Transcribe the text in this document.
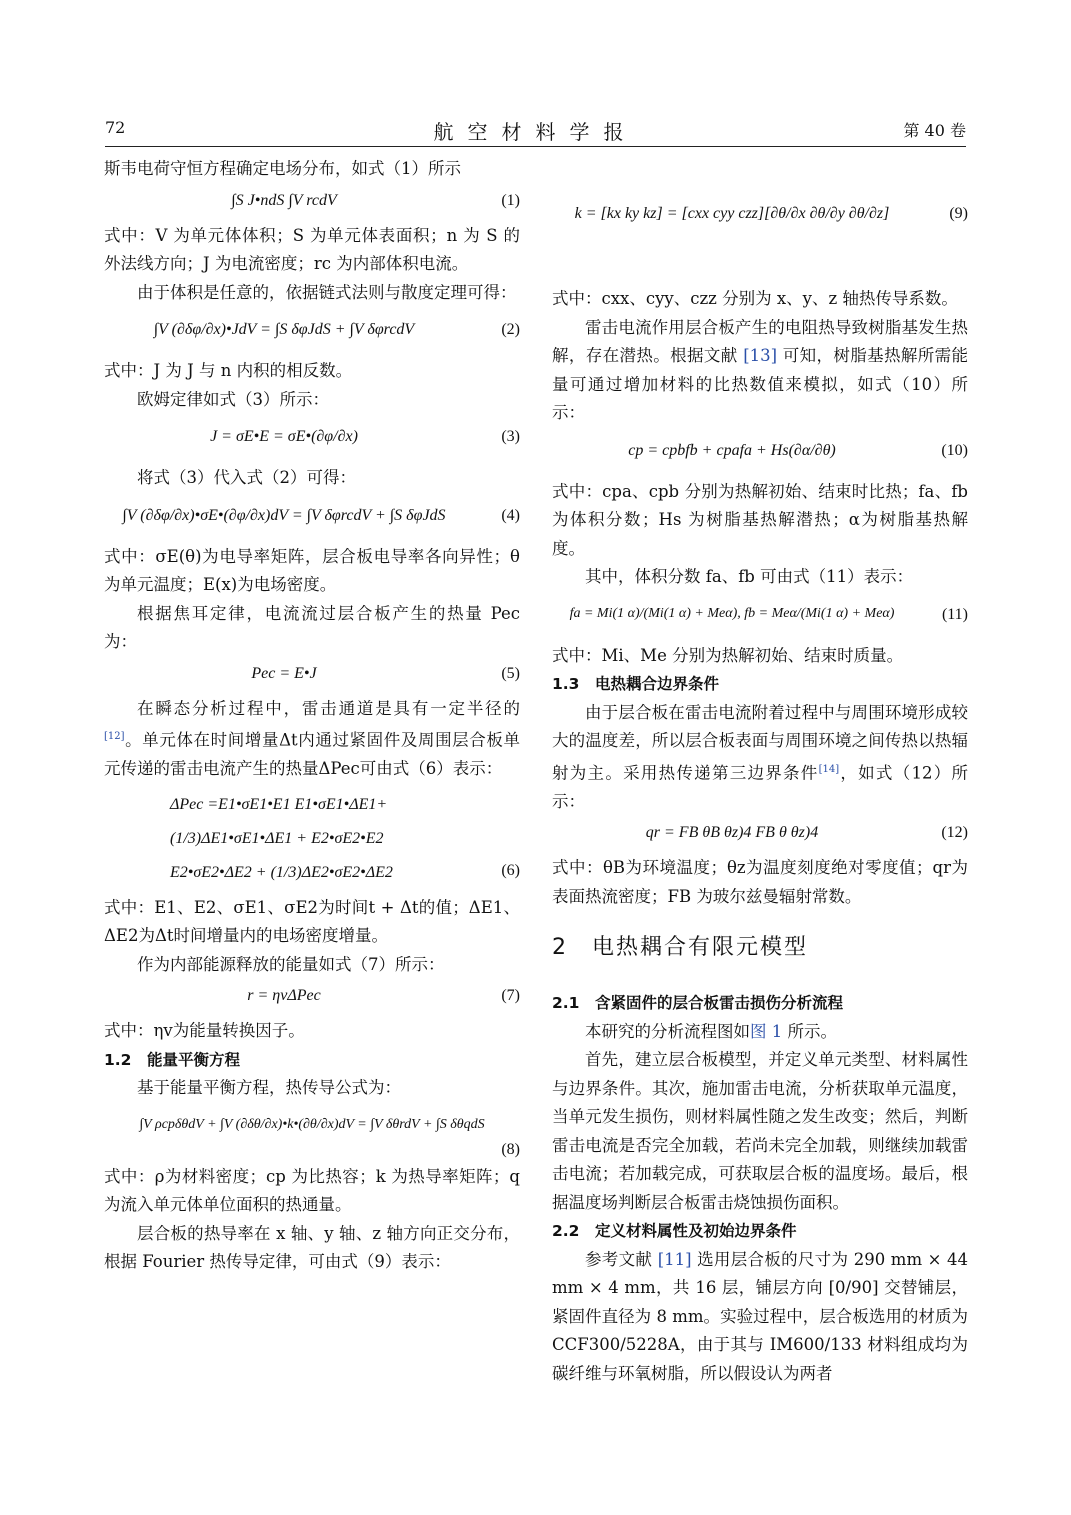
72	航空材料学报	第 40 卷

斯韦电荷守恒方程确定电场分布，如式（1）所示

∫S J•ndS ∫V rcdV	(1)

式中：V 为单元体体积；S 为单元体表面积；n 为 S 的外法线方向；J 为电流密度；rc 为内部体积电流。

由于体积是任意的，依据链式法则与散度定理可得：

∫V (∂δφ/∂x)•JdV = ∫S δφJdS + ∫V δφrcdV	(2)

式中：J 为 J 与 n 内积的相反数。

欧姆定律如式（3）所示：

J = σE•E = σE•(∂φ/∂x)	(3)

将式（3）代入式（2）可得：

∫V (∂δφ/∂x)•σE•(∂φ/∂x)dV = ∫V δφrcdV + ∫S δφJdS	(4)

式中：σE(θ)为电导率矩阵，层合板电导率各向异性；θ为单元温度；E(x)为电场密度。

根据焦耳定律，电流流过层合板产生的热量 Pec 为：

Pec = E•J	(5)

在瞬态分析过程中，雷击通道是具有一定半径的[12]。单元体在时间增量Δt内通过紧固件及周围层合板单元传递的雷击电流产生的热量ΔPec可由式（6）表示：

ΔPec =E1•σE1•E1 E1•σE1•ΔE1+
(1/3)ΔE1•σE1•ΔE1 + E2•σE2•E2
E2•σE2•ΔE2 + (1/3)ΔE2•σE2•ΔE2	(6)

式中：E1、E2、σE1、σE2为时间t + Δt的值；ΔE1、ΔE2为Δt时间增量内的电场密度增量。

作为内部能源释放的能量如式（7）所示：

r = ηvΔPec	(7)

式中：ηv为能量转换因子。

1.2　能量平衡方程

基于能量平衡方程，热传导公式为：

∫V ρcpδθdV + ∫V (∂δθ/∂x)•k•(∂θ/∂x)dV = ∫V δθrdV + ∫S δθqdS
(8)

式中：ρ为材料密度；cp 为比热容；k 为热导率矩阵；q为流入单元体单位面积的热通量。

层合板的热导率在 x 轴、y 轴、z 轴方向正交分布，根据 Fourier 热传导定律，可由式（9）表示：

k = [kx ky kz] = [cxx cyy czz][∂θ/∂x ∂θ/∂y ∂θ/∂z]	(9)

式中：cxx、cyy、czz 分别为 x、y、z 轴热传导系数。

雷击电流作用层合板产生的电阻热导致树脂基发生热解，存在潜热。根据文献 [13] 可知，树脂基热解所需能量可通过增加材料的比热数值来模拟，如式（10）所示：

cp = cpbfb + cpafa + Hs(∂α/∂θ)	(10)

式中：cpa、cpb 分别为热解初始、结束时比热；fa、fb 为体积分数；Hs 为树脂基热解潜热；α为树脂基热解度。

其中，体积分数 fa、fb 可由式（11）表示：

fa = Mi(1 α)/(Mi(1 α) + Meα), fb = Meα/(Mi(1 α) + Meα)	(11)

式中：Mi、Me 分别为热解初始、结束时质量。

1.3　电热耦合边界条件

由于层合板在雷击电流附着过程中与周围环境形成较大的温度差，所以层合板表面与周围环境之间传热以热辐射为主。采用热传递第三边界条件[14]，如式（12）所示：

qr = FB θB θz)4 FB θ θz)4	(12)

式中：θB为环境温度；θz为温度刻度绝对零度值；qr为表面热流密度；FB 为玻尔兹曼辐射常数。

2　电热耦合有限元模型

2.1　含紧固件的层合板雷击损伤分析流程

本研究的分析流程图如图 1 所示。

首先，建立层合板模型，并定义单元类型、材料属性与边界条件。其次，施加雷击电流，分析获取单元温度，当单元发生损伤，则材料属性随之发生改变；然后，判断雷击电流是否完全加载，若尚未完全加载，则继续加载雷击电流；若加载完成，可获取层合板的温度场。最后，根据温度场判断层合板雷击烧蚀损伤面积。

2.2　定义材料属性及初始边界条件

参考文献 [11] 选用层合板的尺寸为 290 mm × 44 mm × 4 mm，共 16 层，铺层方向 [0/90] 交替铺层，紧固件直径为 8 mm。实验过程中，层合板选用的材质为 CCF300/5228A，由于其与 IM600/133 材料组成均为碳纤维与环氧树脂，所以假设认为两者
